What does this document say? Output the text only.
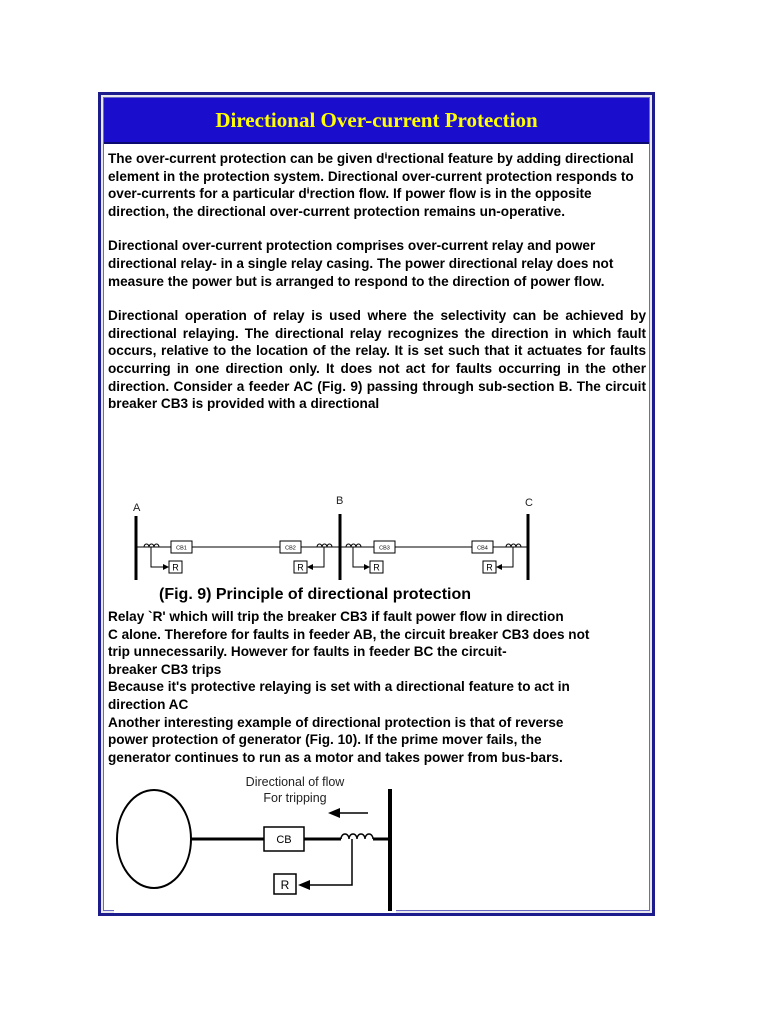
Directional Over-current Protection

The over-current protection can be given dⁱrectional feature by adding directional element in the protection system. Directional over-current protection responds to over-currents for a particular dⁱrection flow. If power flow is in the opposite direction, the directional over-current protection remains un-operative.

Directional over-current protection comprises over-current relay and power directional relay- in a single relay casing. The power directional relay does not measure the power but is arranged to respond to the direction of power flow.

Directional operation of relay is used where the selectivity can be achieved by directional relaying. The directional relay recognizes the direction in which fault occurs, relative to the location of the relay. It is set such that it actuates for faults occurring in one direction only. It does not act for faults occurring in the other direction. Consider a feeder AC (Fig. 9) passing through sub-section B. The circuit breaker CB3 is provided with a directional

A
B	C
CB1	CB2	CB3	CB4
R	R	R	R
(Fig. 9) Principle of directional protection
Relay `R' which will trip the breaker CB3 if fault power flow in direction
C alone. Therefore for faults in feeder AB, the circuit breaker CB3 does not
trip unnecessarily. However for faults in feeder BC the circuit-
breaker CB3 trips
Because it's protective relaying is set with a directional feature to act in
direction AC
Another interesting example of directional protection is that of reverse
power protection of generator (Fig. 10). If the prime mover fails, the
generator continues to run as a motor and takes power from bus-bars.
Directional of flow
For tripping
CB
R
